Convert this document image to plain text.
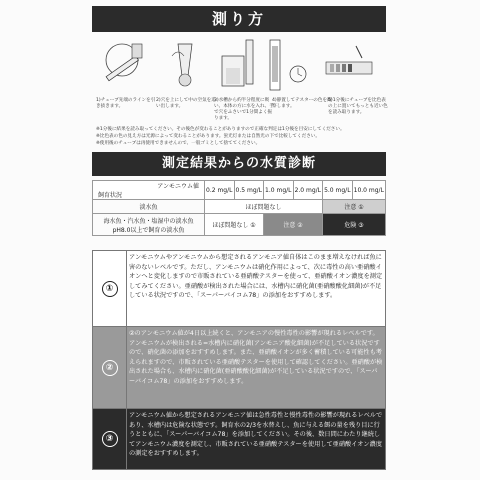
測り方
1)チューブ先端のラインを引き抜きます。
2)穴を上にして中の空気を追い出します。
3)水槽から約半分程度に吸い、本体の方に水を入れ、手で穴をふさいで1分間よく振ります。
4)静置してテスターの色を観察します。
5)1分後にチューブを比色表の上に置いてもっとも近い色を読み取ります。
※1分後に結果を読み取ってください。その後色が変わることがありますので正確な判定は1分後を目安にしてください。
※比色表の色の見え方は光源によって変わることがあります。蛍光灯または自然光の下で比較してください。
※使用後のチューブは再使用できませんので、一般ゴミとして捨ててください。
測定結果からの水質診断
アンモニウム値
飼育状況	0.2 mg/L	0.5 mg/L	1.0 mg/L	2.0 mg/L	5.0 mg/L	10.0 mg/L

淡水魚	ほぼ問題なし				注意 ①	
海水魚・汽水魚・塩湿中の淡水魚 pH8.0以上で飼育の淡水魚	ほぼ問題なし ①		注意 ②		危険 ③	
①
アンモニウムやアンモニウムから想定されるアンモニア値自体はこのまま増えなければ魚に害のないレベルです。ただし、アンモニウムは硝化作用によって、次に毒性の高い亜硝酸イオンへと変化しますので市販されている亜硝酸テスターを使って、亜硝酸イオン濃度を測定してみてください。亜硝酸が検出された場合には、水槽内に硝化菌(亜硝酸酸化細菌)が不足している状況ですので、「スーパーバイコム78」の添加をおすすめします。
②
②のアンモニウム値が4日以上続くと、アンモニアの慢性毒性の影響が現れるレベルです。アンモニウムが検出される=水槽内に硝化菌(アンモニア酸化細菌)が不足している状況ですので、硝化菌の添加をおすすめします。また、亜硝酸イオンが多く蓄積している可能性も考えられますので、市販されている亜硝酸テスターを使用して確認してください。亜硝酸が検出された場合も、水槽内に硝化菌(亜硝酸酸化細菌)が不足している状況ですので、「スーパーバイコム78」の添加をおすすめします。
③
アンモニウム値から想定されるアンモニア値は急性毒性と慢性毒性の影響が現れるレベルであり、水槽内は危険な状態です。飼育水の2/3を水替えし、魚に与える餌の量を残り目に行うとともに、「スーパーバイコム78」を添加してください。その後、数日間にわたり継続してアンモニウム濃度を測定し、市販されている亜硝酸テスターを使用して亜硝酸イオン濃度の測定をおすすめします。
